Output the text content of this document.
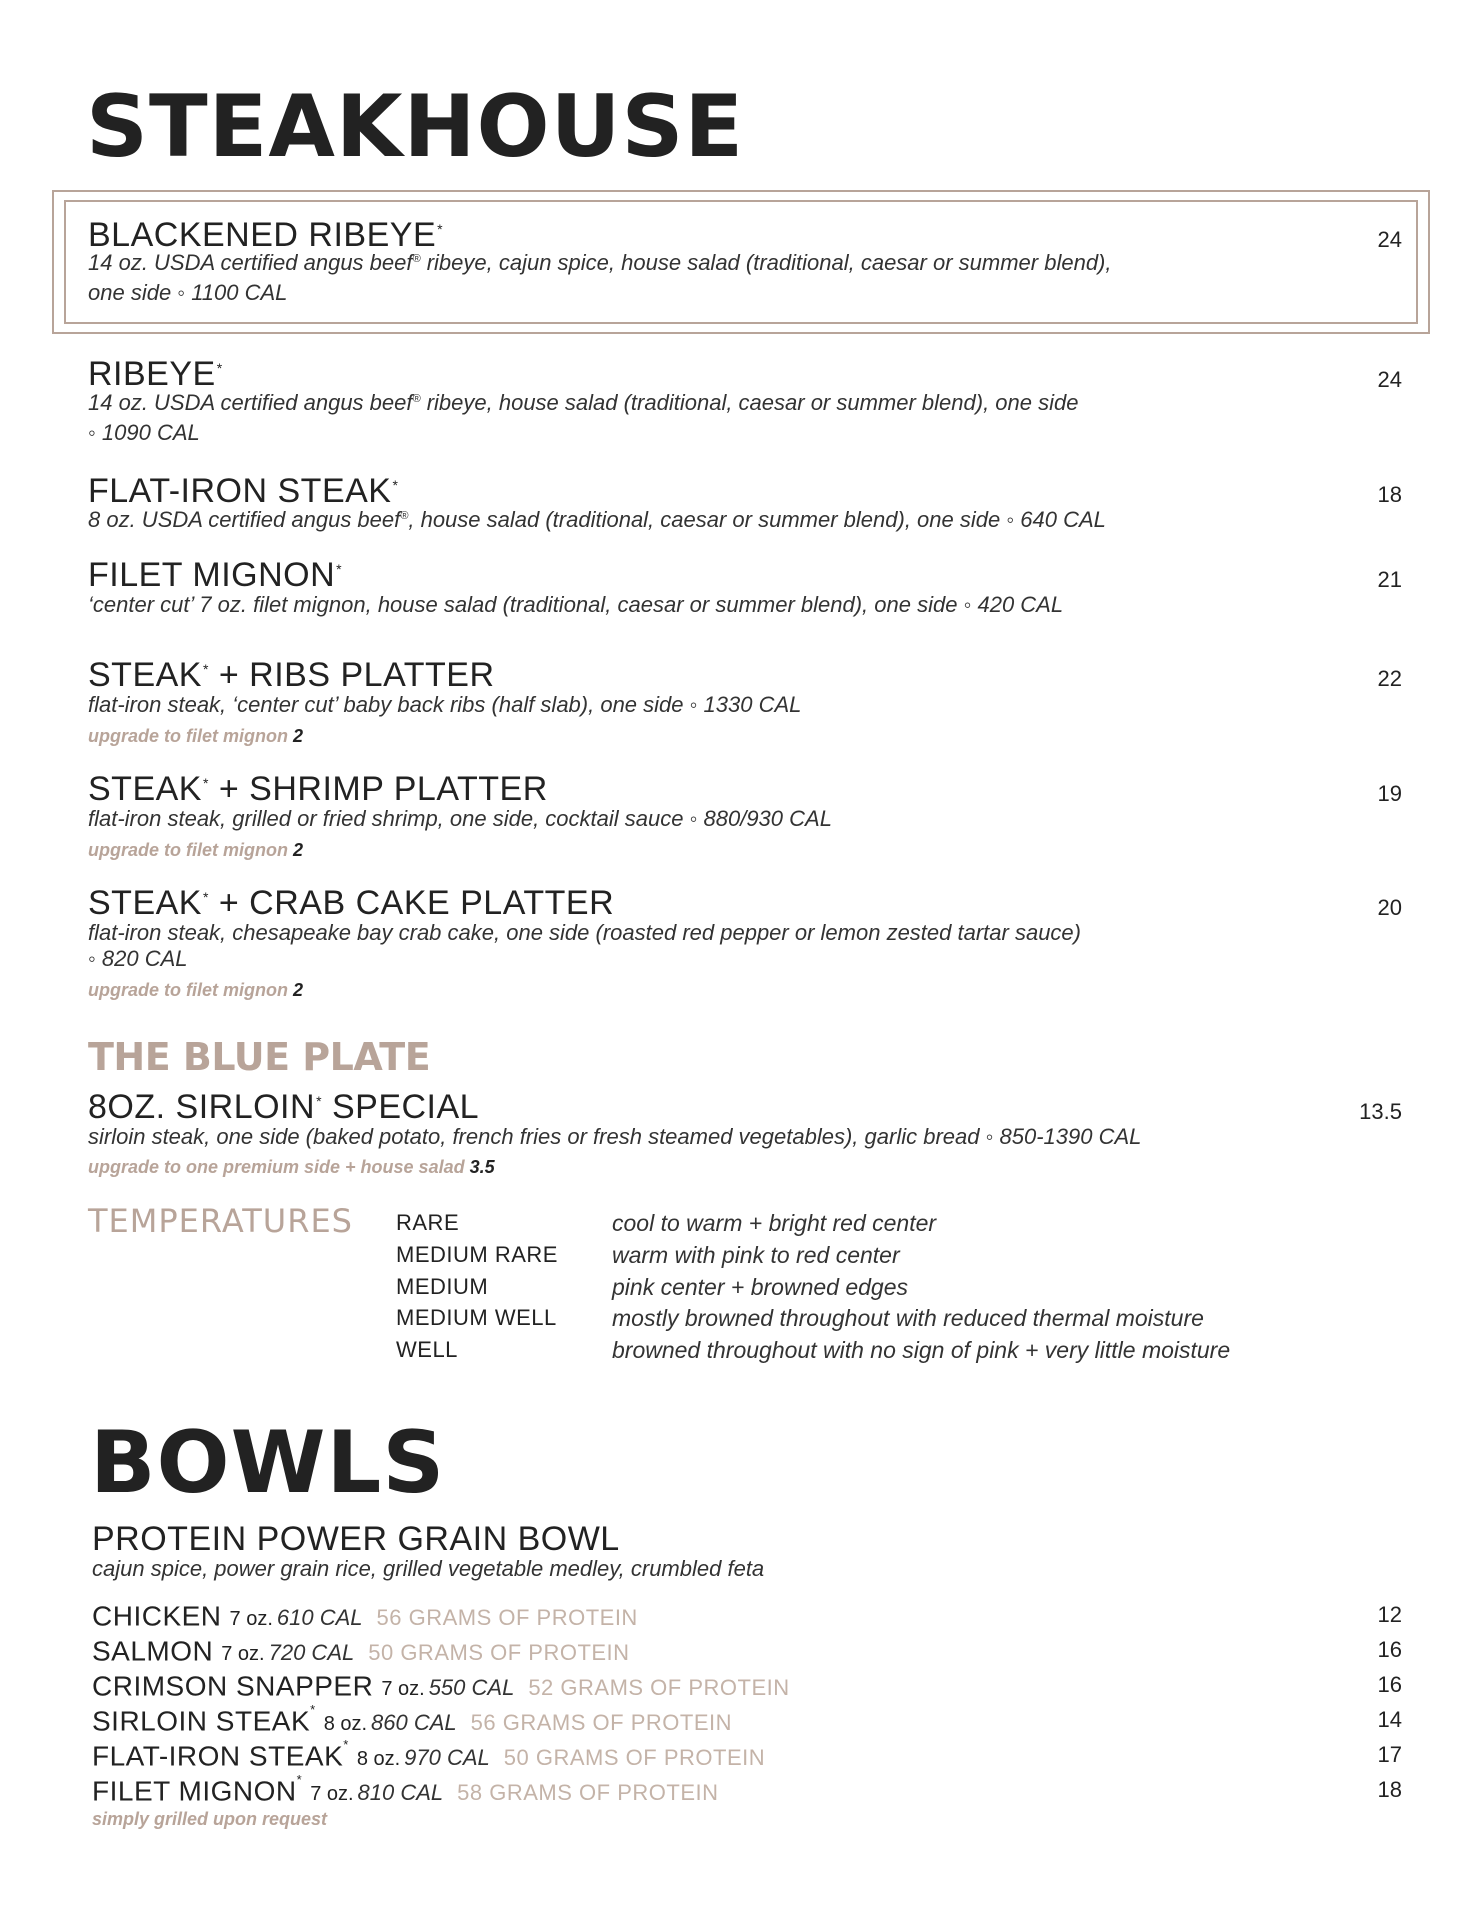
STEAKHOUSE
BLACKENED RIBEYE*
14 oz. USDA certified angus beef® ribeye, cajun spice, house salad (traditional, caesar or summer blend),
one side ◦ 1100 CAL
24
RIBEYE*
14 oz. USDA certified angus beef® ribeye, house salad (traditional, caesar or summer blend), one side
◦ 1090 CAL
24
FLAT-IRON STEAK*
8 oz. USDA certified angus beef®, house salad (traditional, caesar or summer blend), one side ◦ 640 CAL
18
FILET MIGNON*
‘center cut’ 7 oz. filet mignon, house salad (traditional, caesar or summer blend), one side ◦ 420 CAL
21
STEAK* + RIBS PLATTER
flat-iron steak, ‘center cut’ baby back ribs (half slab), one side ◦ 1330 CAL
upgrade to filet mignon 2
22
STEAK* + SHRIMP PLATTER
flat-iron steak, grilled or fried shrimp, one side, cocktail sauce ◦ 880/930 CAL
upgrade to filet mignon 2
19
STEAK* + CRAB CAKE PLATTER
flat-iron steak, chesapeake bay crab cake, one side (roasted red pepper or lemon zested tartar sauce)
◦ 820 CAL
upgrade to filet mignon 2
20
THE BLUE PLATE
8OZ. SIRLOIN* SPECIAL
sirloin steak, one side (baked potato, french fries or fresh steamed vegetables), garlic bread ◦ 850-1390 CAL
upgrade to one premium side + house salad 3.5
13.5
TEMPERATURES RARE	cool to warm + bright red center
MEDIUM RARE warm with pink to red center
MEDIUM	pink center + browned edges
MEDIUM WELL mostly browned throughout with reduced thermal moisture
WELL	browned throughout with no sign of pink + very little moisture
BOWLS
PROTEIN POWER GRAIN BOWL
cajun spice, power grain rice, grilled vegetable medley, crumbled feta
CHICKEN 7 oz. 610 CAL 56 GRAMS OF PROTEIN	12
SALMON 7 oz. 720 CAL 50 GRAMS OF PROTEIN	16
CRIMSON SNAPPER 7 oz. 550 CAL 52 GRAMS OF PROTEIN	16
SIRLOIN STEAK*8 oz. 860 CAL 56 GRAMS OF PROTEIN	14
FLAT-IRON STEAK*8 oz. 970 CAL 50 GRAMS OF PROTEIN	17
FILET MIGNON*7 oz. 810 CAL 58 GRAMS OF PROTEIN	18
simply grilled upon request
